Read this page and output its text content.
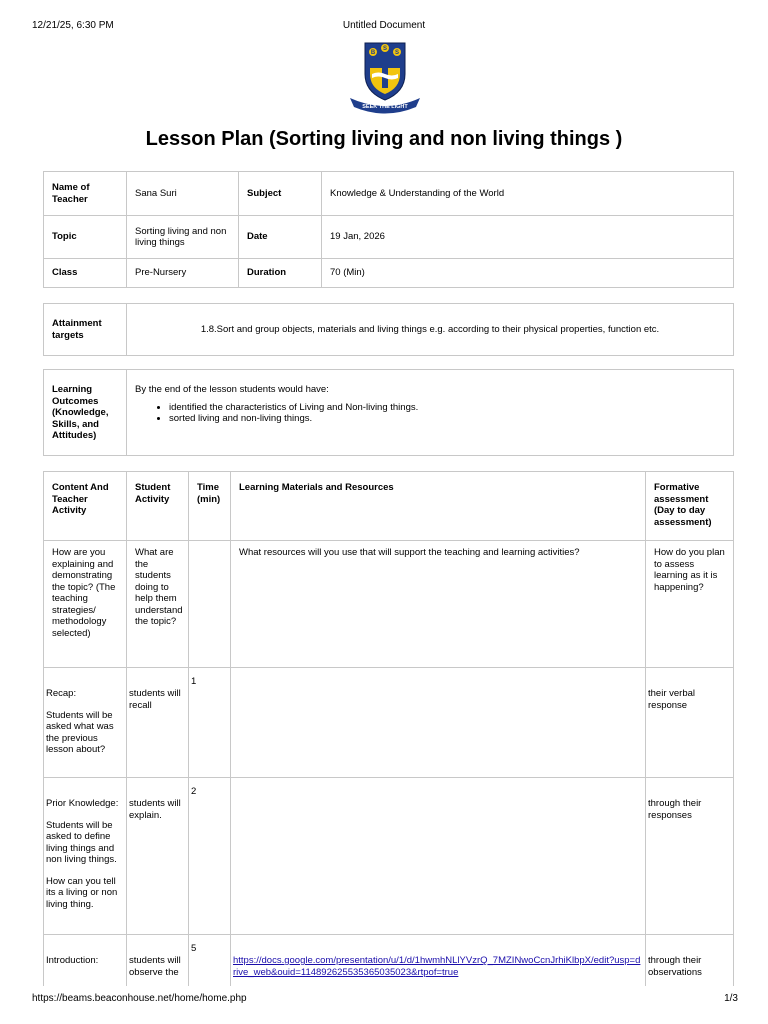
12/21/25, 6:30 PM	Untitled Document
B
S
S
SEEK THE LIGHT
Lesson Plan (Sorting living and non living things )
Name of Teacher	Sana Suri	Subject	Knowledge & Understanding of the World
Topic	Sorting living and non living things	Date	19 Jan, 2026
Class	Pre-Nursery	Duration	70 (Min)
Attainment targets	1.8.Sort and group objects, materials and living things e.g. according to their physical properties, function etc.
Learning Outcomes (Knowledge, Skills, and Attitudes)	
By the end of the lesson students would have:
• identified the characteristics of Living and Non-living things.
• sorted living and non-living things.
Content And Teacher Activity	Student Activity	Time (min)	Learning Materials and Resources	Formative assessment (Day to day assessment)
How are you explaining and demonstrating the topic? (The teaching strategies/ methodology selected)	What are the students doing to help them understand the topic?		What resources will you use that will support the teaching and learning activities?	How do you plan to assess learning as it is happening?

Recap:
Students will be asked what was the previous lesson about?	students will recall	1		their verbal response

Prior Knowledge:
Students will be asked to define living things and non living things.
How can you tell its a living or non living thing.	students will explain.	2		through their responses

Introduction:	students will observe the	5	https://docs.google.com/presentation/u/1/d/1hwmhNLlYVzrQ_7MZINwoCcnJrhiKlbpX/edit?usp=drive_web&ouid=114892625535365035023&rtpof=true	through their observations
https://beams.beaconhouse.net/home/home.php	1/3
